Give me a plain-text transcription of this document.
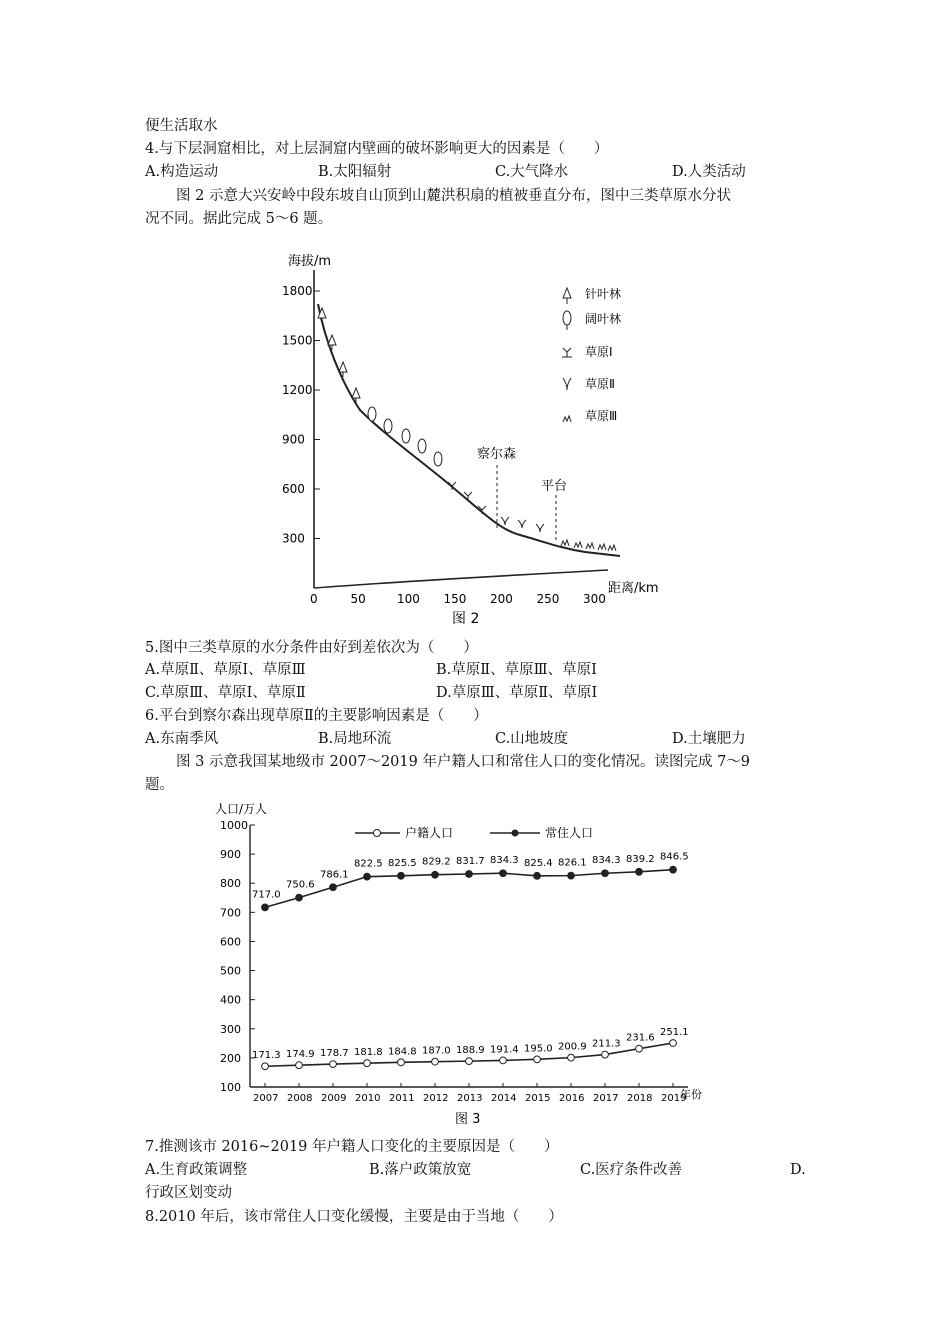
便生活取水
4.与下层洞窟相比，对上层洞窟内壁画的破坏影响更大的因素是（　　）
A.构造运动	B.太阳辐射	C.大气降水	D.人类活动
图 2 示意大兴安岭中段东坡自山顶到山麓洪积扇的植被垂直分布，图中三类草原水分状
况不同。据此完成 5～6 题。
海拔/m
300
600
900
1200
1500
1800
0	50	100 150 200 250 300
距离/km
图 2
察尔森
平台
针叶林
阔叶林
草原Ⅰ
草原Ⅱ
草原Ⅲ
5.图中三类草原的水分条件由好到差依次为（　　）
A.草原Ⅱ、草原Ⅰ、草原Ⅲ	B.草原Ⅱ、草原Ⅲ、草原Ⅰ
C.草原Ⅲ、草原Ⅰ、草原Ⅱ	D.草原Ⅲ、草原Ⅱ、草原Ⅰ
6.平台到察尔森出现草原Ⅱ的主要影响因素是（　　）
A.东南季风	B.局地环流	C.山地坡度	D.土壤肥力
图 3 示意我国某地级市 2007～2019 年户籍人口和常住人口的变化情况。读图完成 7～9
题。
人口/万人
100
200
300
400
500
600
700
800
900
1000
2007 2008 2009 2010 2011 2012 2013 2014 2015 2016 2017 2018 2019
户籍人口	常住人口
171.3 174.9 178.7 181.8 184.8 187.0 188.9 191.4 195.0 200.9 211.3
231.6
251.1
717.0
750.6
786.1
822.5 825.5 829.2 831.7 834.3 825.4 826.1 834.3 839.2 846.5
年份
图 3
7.推测该市 2016~2019 年户籍人口变化的主要原因是（　　）
A.生育政策调整	B.落户政策放宽	C.医疗条件改善	D.
行政区划变动
8.2010 年后，该市常住人口变化缓慢，主要是由于当地（　　）
